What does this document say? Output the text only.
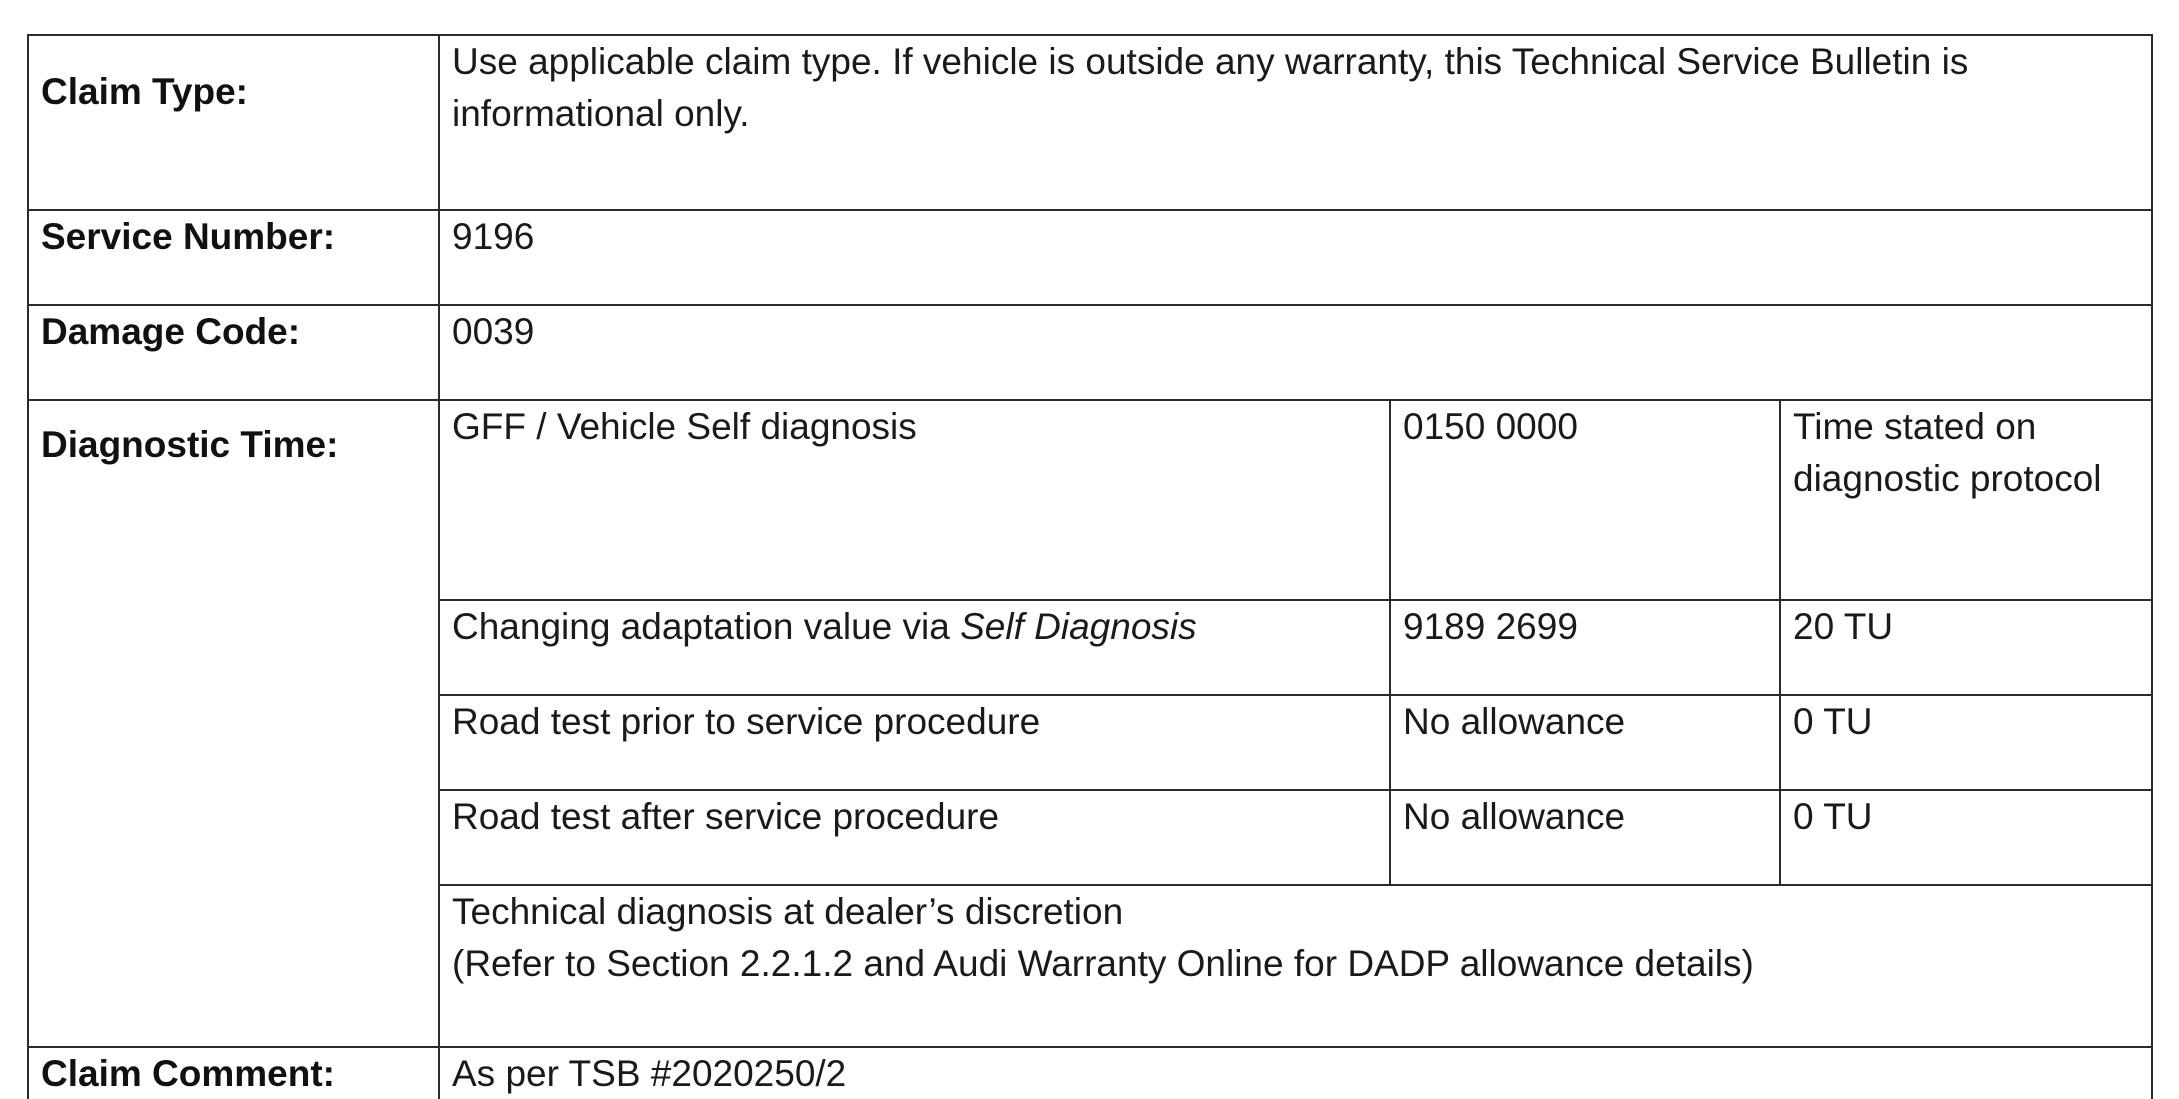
Claim Type:	Use applicable claim type. If vehicle is outside any warranty, this Technical Service Bulletin is informational only.		
Service Number:	9196		
Damage Code:	0039		
Diagnostic Time:	GFF / Vehicle Self diagnosis	0150 0000	Time stated on diagnostic protocol
	Changing adaptation value via Self Diagnosis	9189 2699	20 TU
	Road test prior to service procedure	No allowance	0 TU
	Road test after service procedure	No allowance	0 TU

	Technical diagnosis at dealer’s discretion
(Refer to Section 2.2.1.2 and Audi Warranty Online for DADP allowance details)		

Claim Comment:	As per TSB #2020250/2		
